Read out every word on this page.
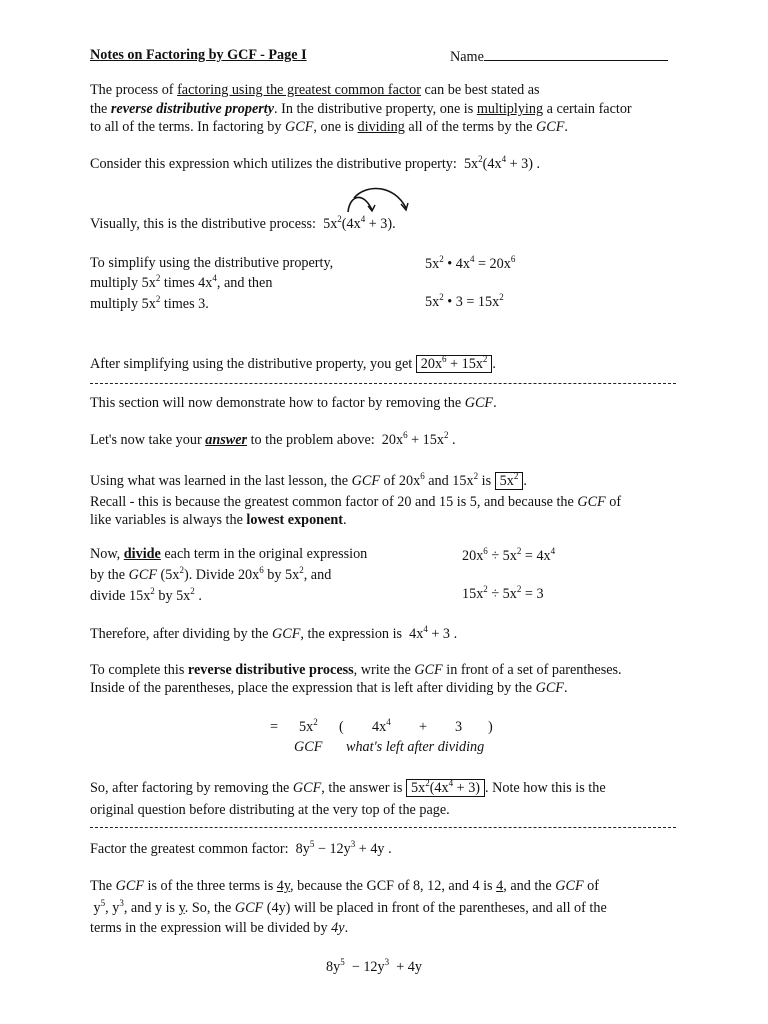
Notes on Factoring by GCF - Page I	Name
The process of factoring using the greatest common factor can be best stated as
the reverse distributive property. In the distributive property, one is multiplying a certain factor
to all of the terms. In factoring by GCF, one is dividing all of the terms by the GCF.
Consider this expression which utilizes the distributive property: $5x^2(4x^4 + 3)$ .
Visually, this is the distributive process: $5x^2(4x^4 + 3)$.
To simplify using the distributive property,
multiply $5x^2$ times $4x^4$, and then
multiply $5x^2$ times 3.
$5x^2$ • $4x^4 = 20x^6$
$5x^2$ • $3 = 15x^2$
After simplifying using the distributive property, you get $20x^6 + 15x^2$ .
This section will now demonstrate how to factor by removing the GCF.
Let's now take your answer to the problem above: $20x^6 + 15x^2$ .
Using what was learned in the last lesson, the GCF of $20x^6$ and $15x^2$ is $5x^2$ .
Recall - this is because the greatest common factor of 20 and 15 is 5, and because the GCF of
like variables is always the lowest exponent.
Now, divide each term in the original expression
by the GCF $(5x^2)$. Divide $20x^6$ by $5x^2$, and
divide $15x^2$ by $5x^2$ .
$20x^6 \div 5x^2 = 4x^4$
$15x^2 \div 5x^2 = 3$
Therefore, after dividing by the GCF, the expression is $4x^4 + 3$ .
To complete this reverse distributive process, write the GCF in front of a set of parentheses.
Inside of the parentheses, place the expression that is left after dividing by the GCF.
= $5x^2$ ( $4x^4 + 3$ )
GCF what's left after dividing
So, after factoring by removing the GCF, the answer is $5x^2(4x^4 + 3)$ . Note how this is the
original question before distributing at the very top of the page.
Factor the greatest common factor: $8y^5 - 12y^3 + 4y$ .
The GCF is of the three terms is 4y, because the GCF of 8, 12, and 4 is 4, and the GCF of
$y^5$, $y^3$, and y is y. So, the GCF (4y) will be placed in front of the parentheses, and all of the
terms in the expression will be divided by 4y.
$8y^5 - 12y^3 + 4y$
